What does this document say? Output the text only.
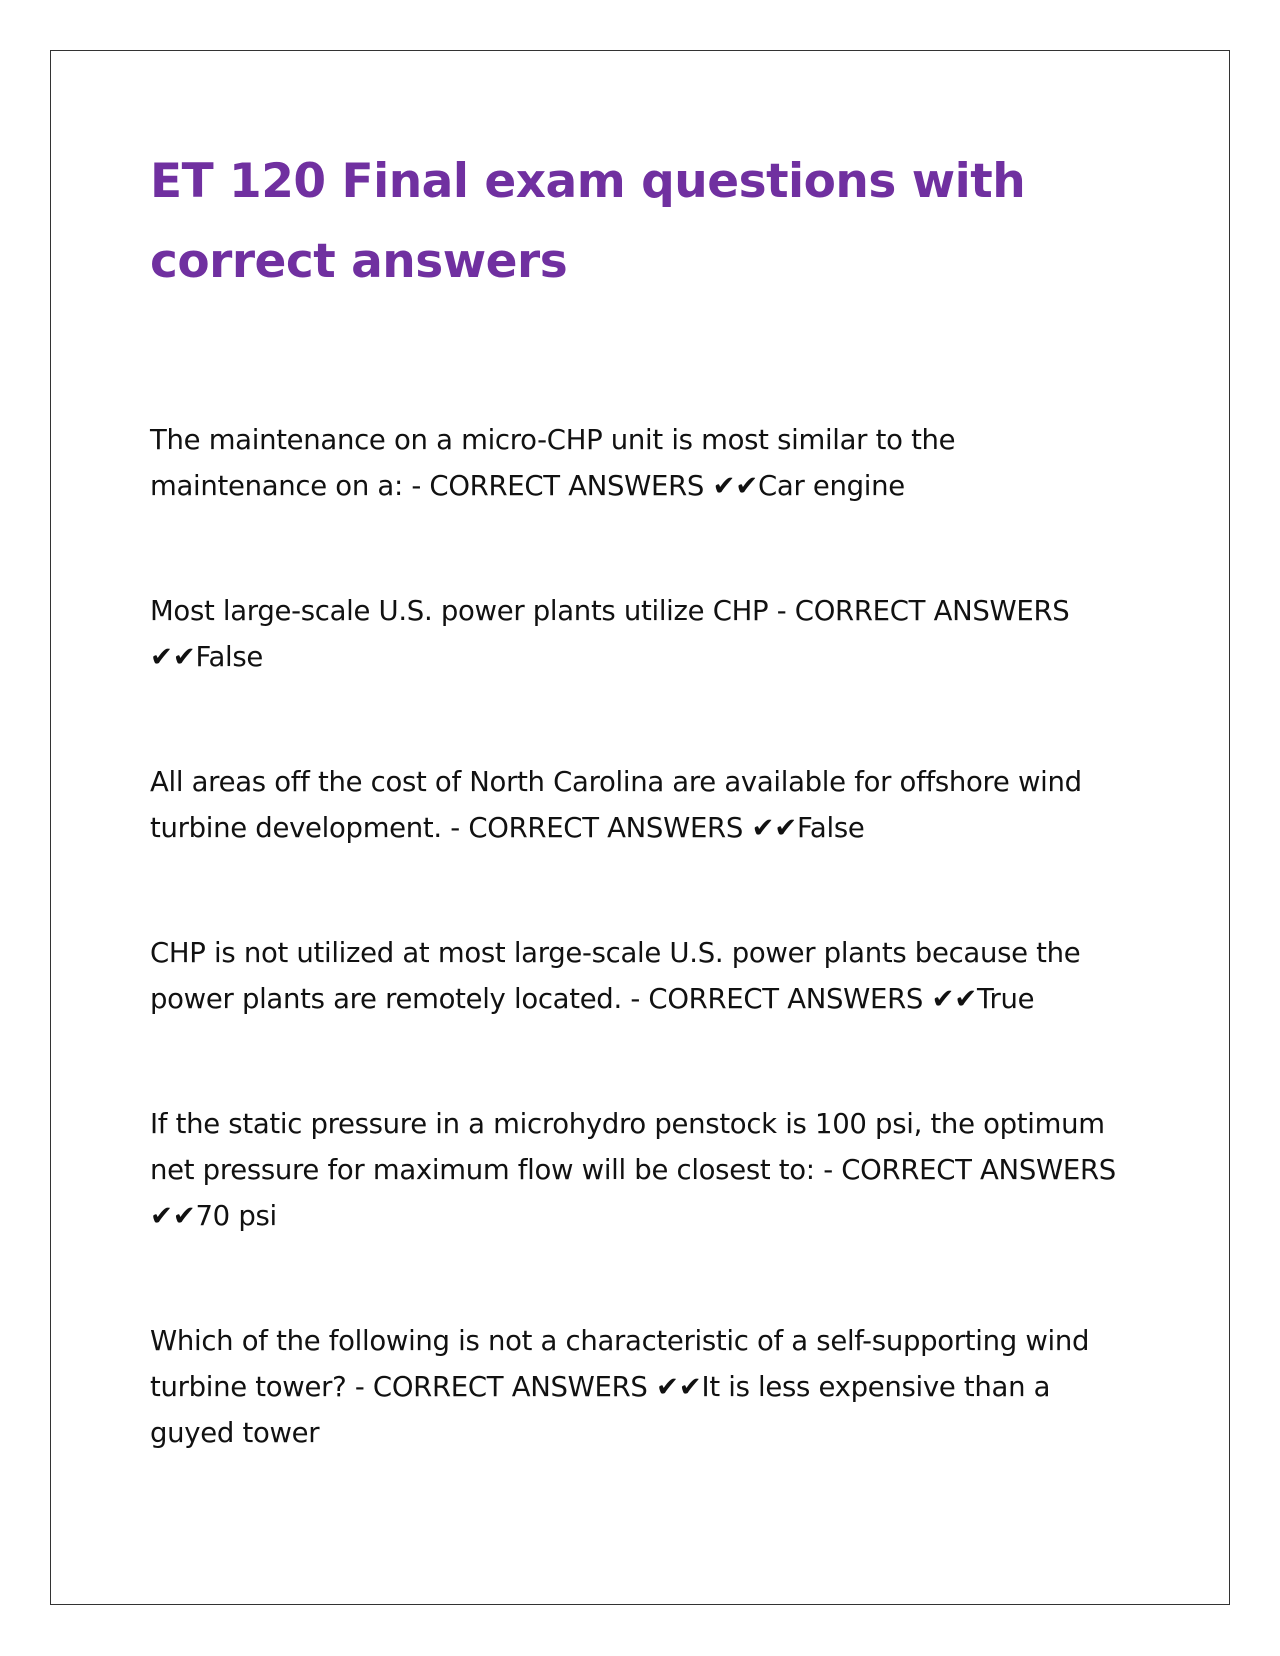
ET 120 Final exam questions with correct answers

The maintenance on a micro-CHP unit is most similar to the maintenance on a: - CORRECT ANSWERS ✔✔Car engine

Most large-scale U.S. power plants utilize CHP - CORRECT ANSWERS
✔✔False

All areas off the cost of North Carolina are available for offshore wind turbine development. - CORRECT ANSWERS ✔✔False

CHP is not utilized at most large-scale U.S. power plants because the power plants are remotely located. - CORRECT ANSWERS ✔✔True

If the static pressure in a microhydro penstock is 100 psi, the optimum net pressure for maximum flow will be closest to: - CORRECT ANSWERS
✔✔70 psi

Which of the following is not a characteristic of a self-supporting wind turbine tower? - CORRECT ANSWERS ✔✔It is less expensive than a guyed tower
